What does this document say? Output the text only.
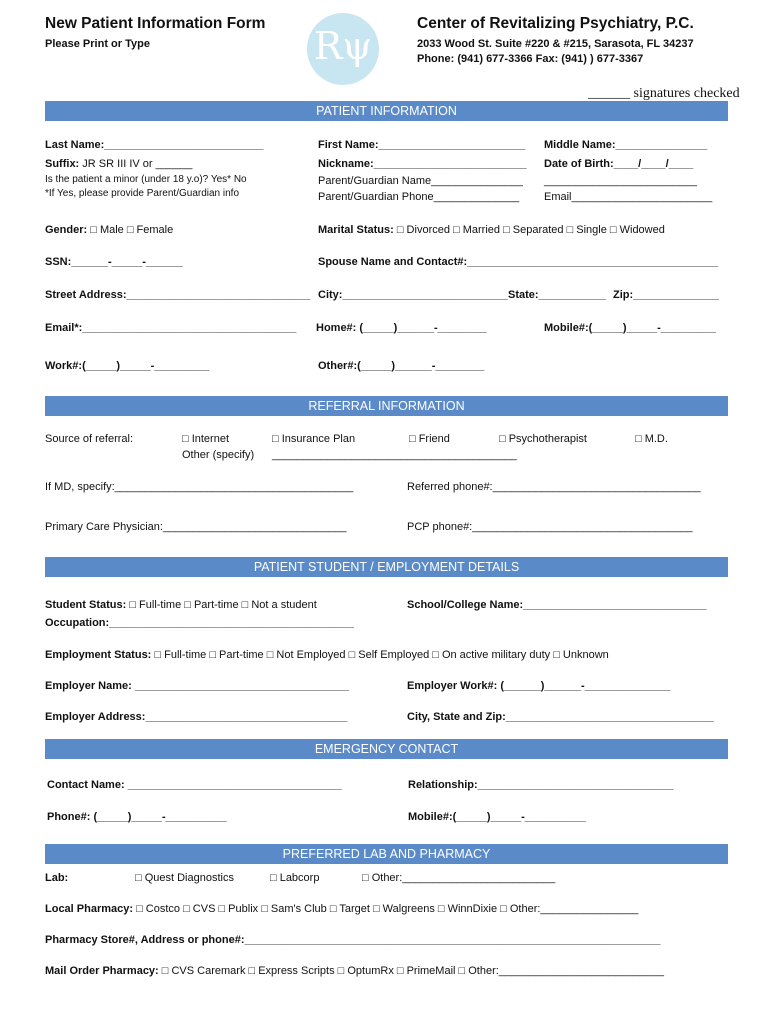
New Patient Information Form
Please Print or Type	Rψ
Center of Revitalizing Psychiatry, P.C.
2033 Wood St. Suite #220 & #215, Sarasota, FL 34237
Phone: (941) 677-3366 Fax: (941) ) 677-3367
______ signatures checked
PATIENT INFORMATION
Last Name:__________________________	First Name:________________________ Middle Name:_______________
Suffix: JR SR III IV or ______	Nickname:_________________________ Date of Birth:____/____/____
Is the patient a minor (under 18 y.o)? Yes* No	Parent/Guardian Name_______________ _________________________
*If Yes, please provide Parent/Guardian info	Parent/Guardian Phone______________ Email_______________________
Gender: □ Male □ Female	Marital Status: □ Divorced □ Married □ Separated □ Single □ Widowed
SSN:______-_____-______	Spouse Name and Contact#:_________________________________________
Street Address:______________________________ City:___________________________ State:___________ Zip:______________
Email*:___________________________________ Home#: (_____)______-________	Mobile#:(_____)_____-_________
Work#:(_____)_____-_________	Other#:(_____)______-________
REFERRAL INFORMATION
Source of referral:	□ Internet
Other (specify)
□ Insurance Plan
________________________________________
□ Friend	□ Psychotherapist	□ M.D.
If MD, specify:_______________________________________	Referred phone#:__________________________________
Primary Care Physician:______________________________	PCP phone#:____________________________________
PATIENT STUDENT / EMPLOYMENT DETAILS
Student Status: □ Full-time □ Part-time □ Not a student	School/College Name:______________________________
Occupation:________________________________________
Employment Status: □ Full-time □ Part-time □ Not Employed □ Self Employed □ On active military duty □ Unknown
Employer Name: ___________________________________	Employer Work#: (______)______-______________
Employer Address:_________________________________	City, State and Zip:__________________________________
EMERGENCY CONTACT
Contact Name: ___________________________________	Relationship:________________________________
Phone#: (_____)_____-__________	Mobile#:(_____)_____-__________
PREFERRED LAB AND PHARMACY
Lab:	□ Quest Diagnostics	□ Labcorp	□ Other:_________________________
Local Pharmacy: □ Costco □ CVS □ Publix □ Sam's Club □ Target □ Walgreens □ WinnDixie □ Other:________________
Pharmacy Store#, Address or phone#:____________________________________________________________________
Mail Order Pharmacy: □ CVS Caremark □ Express Scripts □ OptumRx □ PrimeMail □ Other:___________________________
